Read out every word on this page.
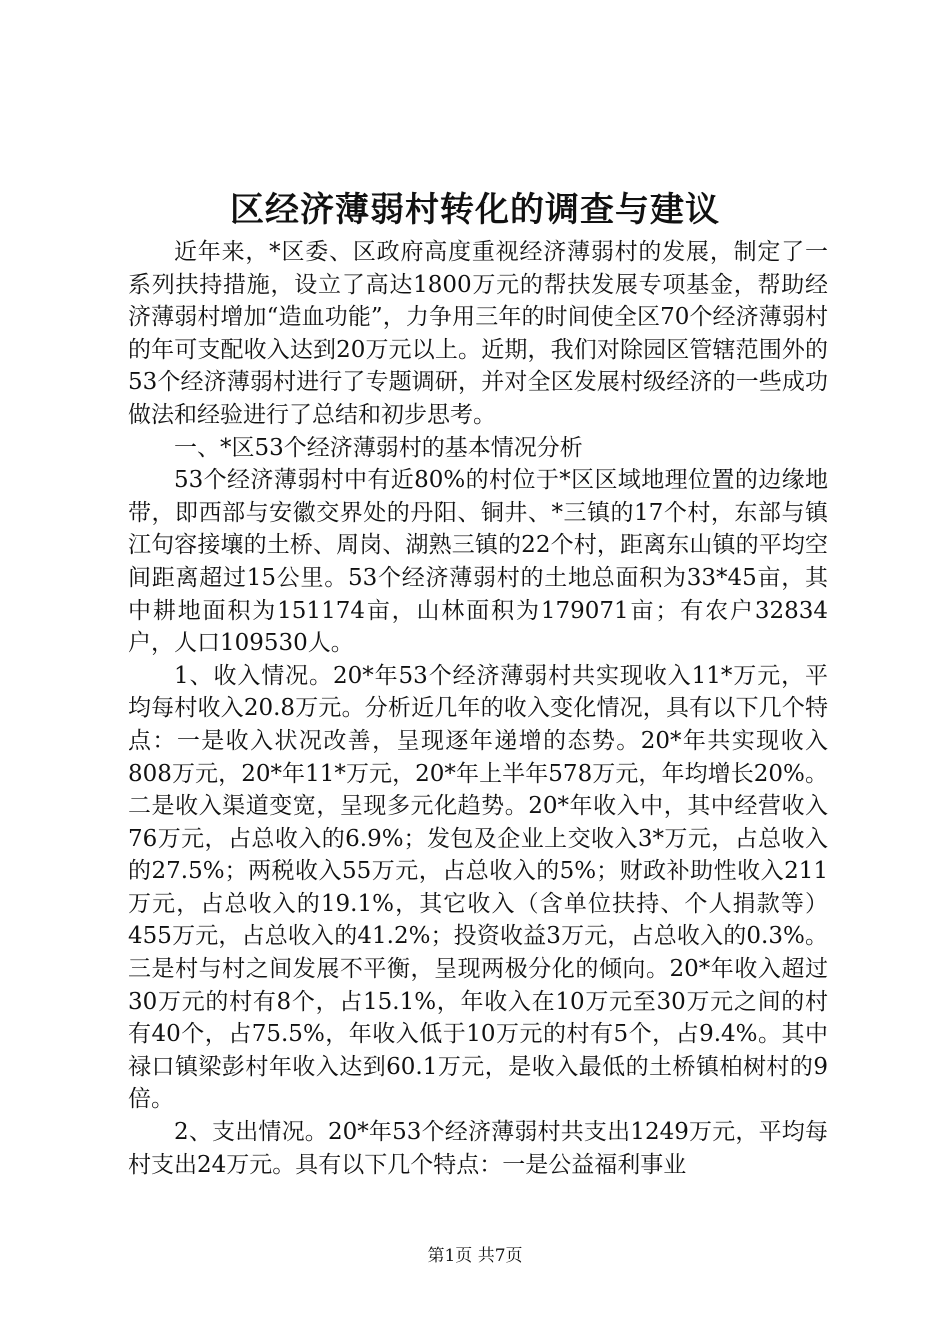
区经济薄弱村转化的调查与建议

近年来，*区委、区政府高度重视经济薄弱村的发展，制定了一系列扶持措施，设立了高达1800万元的帮扶发展专项基金，帮助经济薄弱村增加“造血功能”，力争用三年的时间使全区70个经济薄弱村的年可支配收入达到20万元以上。近期，我们对除园区管辖范围外的53个经济薄弱村进行了专题调研，并对全区发展村级经济的一些成功做法和经验进行了总结和初步思考。

一、*区53个经济薄弱村的基本情况分析

53个经济薄弱村中有近80%的村位于*区区域地理位置的边缘地带，即西部与安徽交界处的丹阳、铜井、*三镇的17个村，东部与镇江句容接壤的土桥、周岗、湖熟三镇的22个村，距离东山镇的平均空间距离超过15公里。53个经济薄弱村的土地总面积为33*45亩，其中耕地面积为151174亩，山林面积为179071亩；有农户32834户，人口109530人。

1、收入情况。20*年53个经济薄弱村共实现收入11*万元，平均每村收入20.8万元。分析近几年的收入变化情况，具有以下几个特点：一是收入状况改善，呈现逐年递增的态势。20*年共实现收入808万元，20*年11*万元，20*年上半年578万元，年均增长20%。二是收入渠道变宽，呈现多元化趋势。20*年收入中，其中经营收入76万元，占总收入的6.9%；发包及企业上交收入3*万元，占总收入的27.5%；两税收入55万元，占总收入的5%；财政补助性收入211万元，占总收入的19.1%，其它收入（含单位扶持、个人捐款等）455万元，占总收入的41.2%；投资收益3万元，占总收入的0.3%。三是村与村之间发展不平衡，呈现两极分化的倾向。20*年收入超过30万元的村有8个，占15.1%，年收入在10万元至30万元之间的村有40个，占75.5%，年收入低于10万元的村有5个，占9.4%。其中禄口镇梁彭村年收入达到60.1万元，是收入最低的土桥镇柏树村的9倍。

2、支出情况。20*年53个经济薄弱村共支出1249万元，平均每村支出24万元。具有以下几个特点：一是公益福利事业

第1页 共7页
